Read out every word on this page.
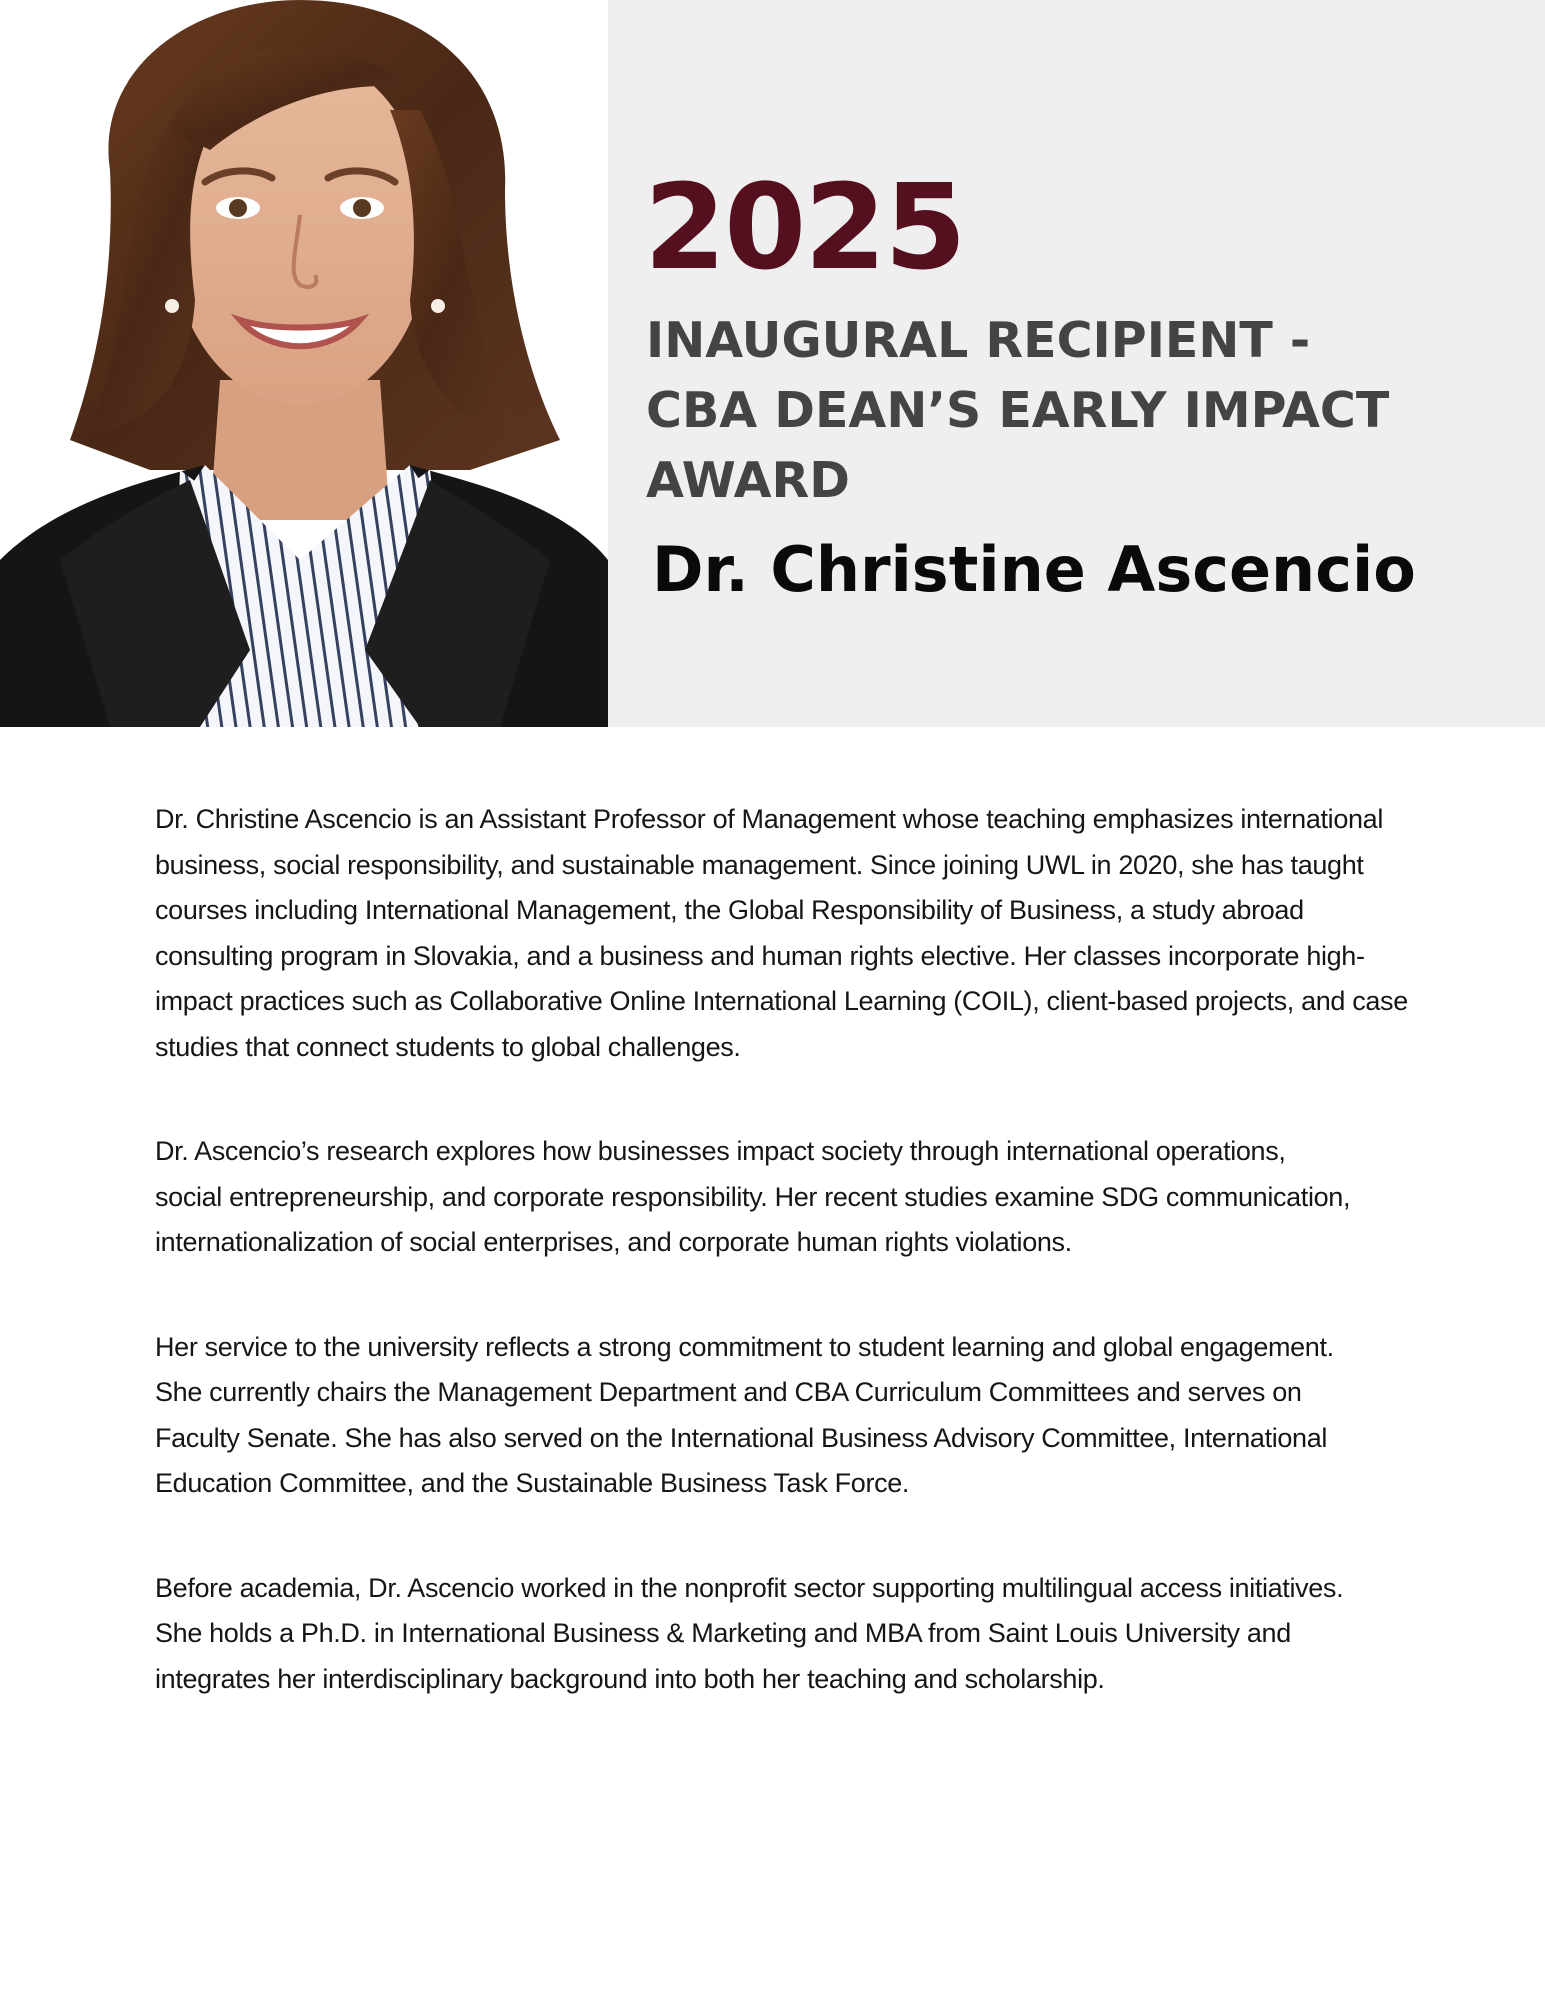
2025
INAUGURAL RECIPIENT -
CBA DEAN’S EARLY IMPACT
AWARD
Dr. Christine Ascencio

Dr. Christine Ascencio is an Assistant Professor of Management whose teaching emphasizes international
business, social responsibility, and sustainable management. Since joining UWL in 2020, she has taught
courses including International Management, the Global Responsibility of Business, a study abroad
consulting program in Slovakia, and a business and human rights elective. Her classes incorporate high-
impact practices such as Collaborative Online International Learning (COIL), client-based projects, and case
studies that connect students to global challenges.

Dr. Ascencio’s research explores how businesses impact society through international operations,
social entrepreneurship, and corporate responsibility. Her recent studies examine SDG communication,
internationalization of social enterprises, and corporate human rights violations.

Her service to the university reflects a strong commitment to student learning and global engagement.
She currently chairs the Management Department and CBA Curriculum Committees and serves on
Faculty Senate. She has also served on the International Business Advisory Committee, International
Education Committee, and the Sustainable Business Task Force.

Before academia, Dr. Ascencio worked in the nonprofit sector supporting multilingual access initiatives.
She holds a Ph.D. in International Business & Marketing and MBA from Saint Louis University and
integrates her interdisciplinary background into both her teaching and scholarship.
